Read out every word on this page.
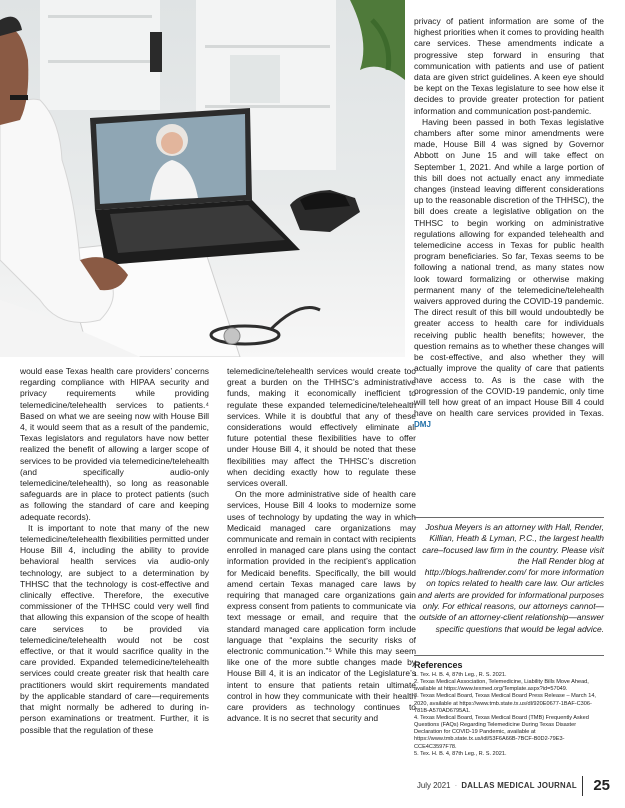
would ease Texas health care providers’ concerns regarding compliance with HIPAA security and privacy requirements while providing telemedicine/telehealth services to patients.⁴ Based on what we are seeing now with House Bill 4, it would seem that as a result of the pandemic, Texas legislators and regulators have now better realized the benefit of allowing a larger scope of services to be provided via telemedicine/telehealth (and specifically audio-only telemedicine/telehealth), so long as reasonable safeguards are in place to protect patients (such as following the standard of care and keeping adequate records).

It is important to note that many of the new telemedicine/telehealth flexibilities permitted under House Bill 4, including the ability to provide behavioral health services via audio-only technology, are subject to a determination by THHSC that the technology is cost-effective and clinically effective. Therefore, the executive commissioner of the THHSC could very well find that allowing this expansion of the scope of health care services to be provided via telemedicine/telehealth would not be cost effective, or that it would sacrifice quality in the care provided. Expanded telemedicine/telehealth services could create greater risk that health care practitioners would skirt requirements mandated by the applicable standard of care—requirements that might normally be adhered to during in-person examinations or treatment. Further, it is possible that the regulation of these

telemedicine/telehealth services would create too great a burden on the THHSC’s administrative funds, making it economically inefficient to regulate these expanded telemedicine/telehealth services. While it is doubtful that any of these considerations would effectively eliminate all future potential these flexibilities have to offer under House Bill 4, it should be noted that these flexibilities may affect the THHSC’s discretion when deciding exactly how to regulate these services overall.

On the more administrative side of health care services, House Bill 4 looks to modernize some uses of technology by updating the way in which Medicaid managed care organizations may communicate and remain in contact with recipients enrolled in managed care plans using the contact information provided in the recipient’s application for Medicaid benefits. Specifically, the bill would amend certain Texas managed care laws by requiring that managed care organizations gain express consent from patients to communicate via text message or email, and require that the standard managed care application form include language that “explains the security risks of electronic communication.”⁵ While this may seem like one of the more subtle changes made by House Bill 4, it is an indicator of the Legislature’s intent to ensure that patients retain ultimate control in how they communicate with their health care providers as technology continues to advance. It is no secret that security and

privacy of patient information are some of the highest priorities when it comes to providing health care services. These amendments indicate a progressive step forward in ensuring that communication with patients and use of patient data are given strict guidelines. A keen eye should be kept on the Texas legislature to see how else it decides to provide greater protection for patient information and communication post-pandemic.

Having been passed in both Texas legislative chambers after some minor amendments were made, House Bill 4 was signed by Governor Abbott on June 15 and will take effect on September 1, 2021. And while a large portion of this bill does not actually enact any immediate changes (instead leaving different considerations up to the reasonable discretion of the THHSC), the bill does create a legislative obligation on the THHSC to begin working on administrative regulations allowing for expanded telehealth and telemedicine access in Texas for public health program beneficiaries. So far, Texas seems to be following a national trend, as many states now look toward formalizing or otherwise making permanent many of the telemedicine/telehealth waivers approved during the COVID-19 pandemic. The direct result of this bill would undoubtedly be greater access to health care for individuals receiving public health benefits; however, the question remains as to whether these changes will be cost-effective, and also whether they will actually improve the quality of care that patients have access to. As is the case with the progression of the COVID-19 pandemic, only time will tell how great of an impact House Bill 4 could have on health care services provided in Texas. DMJ

Joshua Meyers is an attorney with Hall, Render, Killian, Heath & Lyman, P.C., the largest health care–focused law firm in the country. Please visit the Hall Render blog at http://blogs.hallrender.com/ for more information on topics related to health care law. Our articles and alerts are provided for informational purposes only. For ethical reasons, our attorneys cannot—outside of an attorney-client relationship—answer specific questions that would be legal advice.
References
1. Tex. H. B. 4, 87th Leg., R. S. 2021.
2. Texas Medical Association, Telemedicine, Liability Bills Move Ahead, available at https://www.texmed.org/Template.aspx?id=57049.
3. Texas Medical Board, Texas Medical Board Press Release – March 14, 2020, available at https://www.tmb.state.tx.us/dl/920E0677-1BAF-C306-781B-A570AD6795A1.
4. Texas Medical Board, Texas Medical Board (TMB) Frequently Asked Questions (FAQs) Regarding Telemedicine During Texas Disaster Declaration for COVID-19 Pandemic, available at https://www.tmb.state.tx.us/idl/53F6A66B-7BCF-B0D2-79E3-CCE4C3597F78.
5. Tex. H. B. 4, 87th Leg., R. S. 2021.
July 2021 · DALLAS MEDICAL JOURNAL 25
